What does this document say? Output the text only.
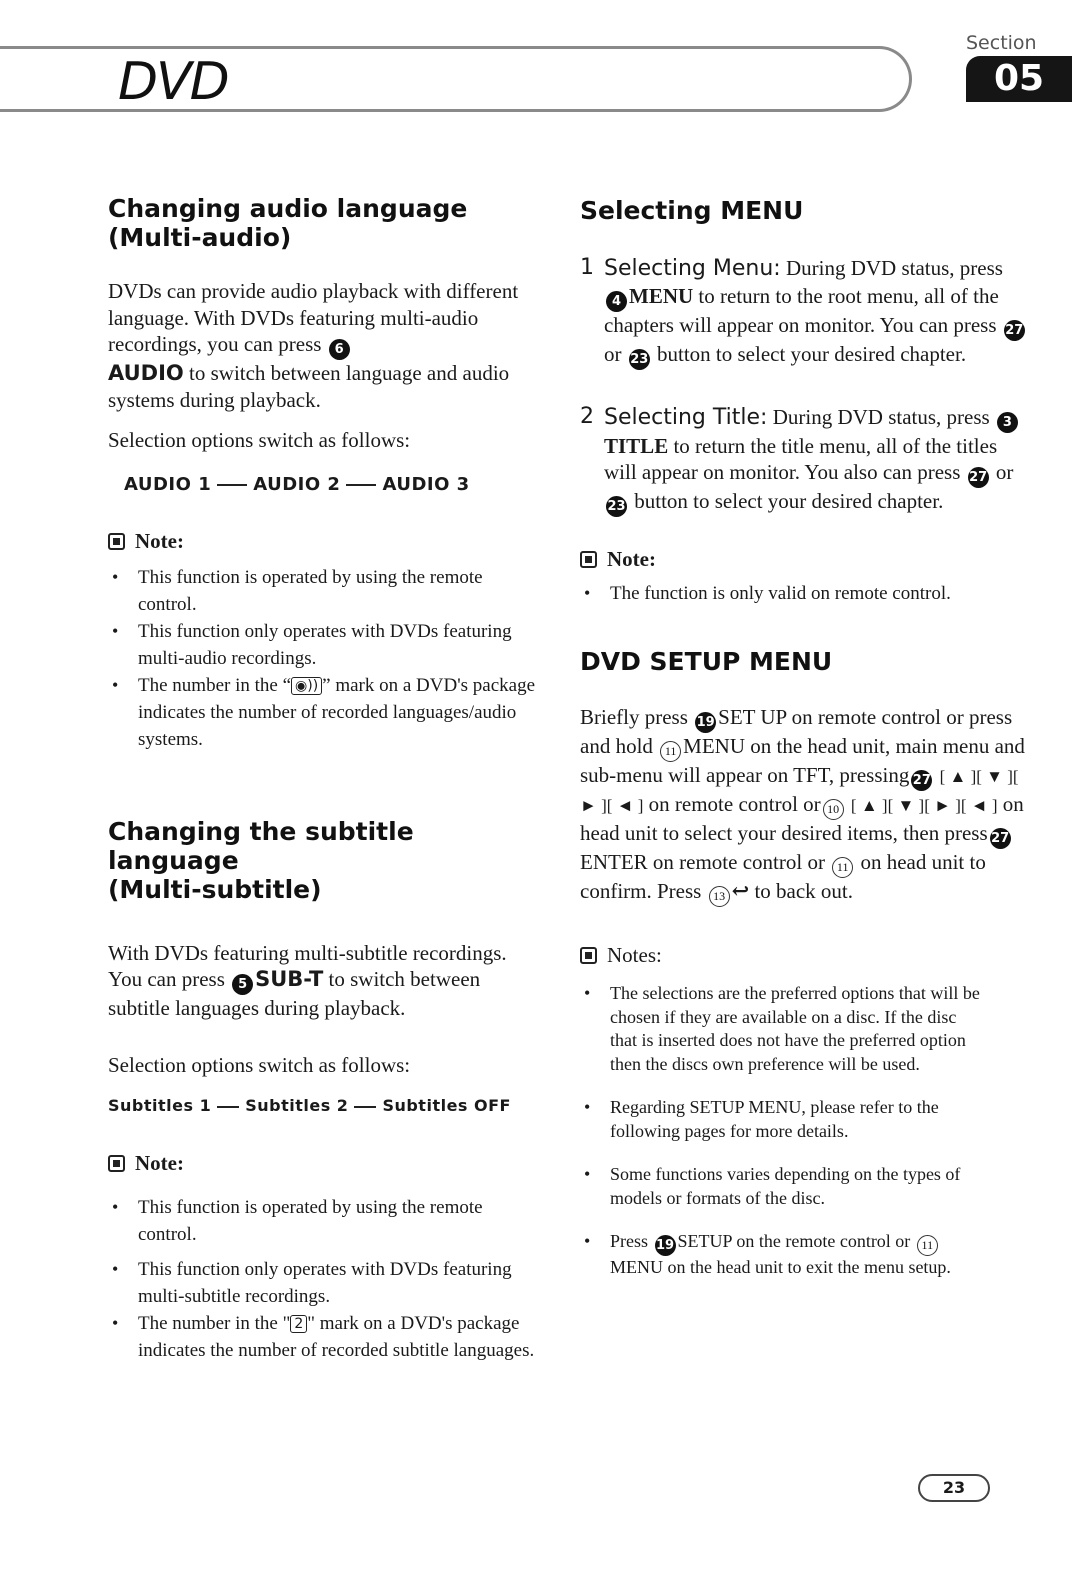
DVD
Section
05
Changing audio language
(Multi-audio)

DVDs can provide audio playback with different language. With DVDs featuring multi-audio recordings, you can press 6
AUDIO to switch between language and audio systems during playback.

Selection options switch as follows:

AUDIO 1 AUDIO 2 AUDIO 3

Note:

• This function is operated by using the remote control.
• This function only operates with DVDs featuring multi-audio recordings.
• The number in the “ ◉)) ” mark on a DVD's package indicates the number of recorded languages/audio systems.
Changing the subtitle language
(Multi-subtitle)

With DVDs featuring multi-subtitle recordings. You can press 5 SUB-T to switch between subtitle languages during playback.

Selection options switch as follows:

Subtitles 1 Subtitles 2 Subtitles OFF

Note:

• This function is operated by using the remote control.
• This function only operates with DVDs featuring multi-subtitle recordings.
• The number in the " 2 " mark on a DVD's package indicates the number of recorded subtitle languages.
Selecting MENU
1 Selecting Menu: During DVD status, press 4 MENU to return to the root menu, all of the chapters will appear on monitor. You can press 27 or 23 button to select your desired chapter.
2 Selecting Title: During DVD status, press 3TITLE to return the title menu, all of the titles will appear on monitor. You also can press 27 or 23 button to select your desired chapter.

Note:

• The function is only valid on remote control.
DVD SETUP MENU

Briefly press 19 SET UP on remote control or press and hold 11 MENU on the head unit, main menu and sub-menu will appear on TFT, pressing 27 [ ▲ ][ ▼ ][ ► ][ ◄ ] on remote control or 10 [ ▲ ][ ▼ ][ ► ][ ◄ ] on head unit to select your desired items, then press 27ENTER on remote control or 11 on head unit to confirm. Press 13 ↩ to back out.

Notes:

• The selections are the preferred options that will be chosen if they are available on a disc. If the disc that is inserted does not have the preferred option then the discs own preference will be used.
• Regarding SETUP MENU, please refer to the following pages for more details.
• Some functions varies depending on the types of models or formats of the disc.
• Press 19 SETUP on the remote control or 11 MENU on the head unit to exit the menu setup.
23
